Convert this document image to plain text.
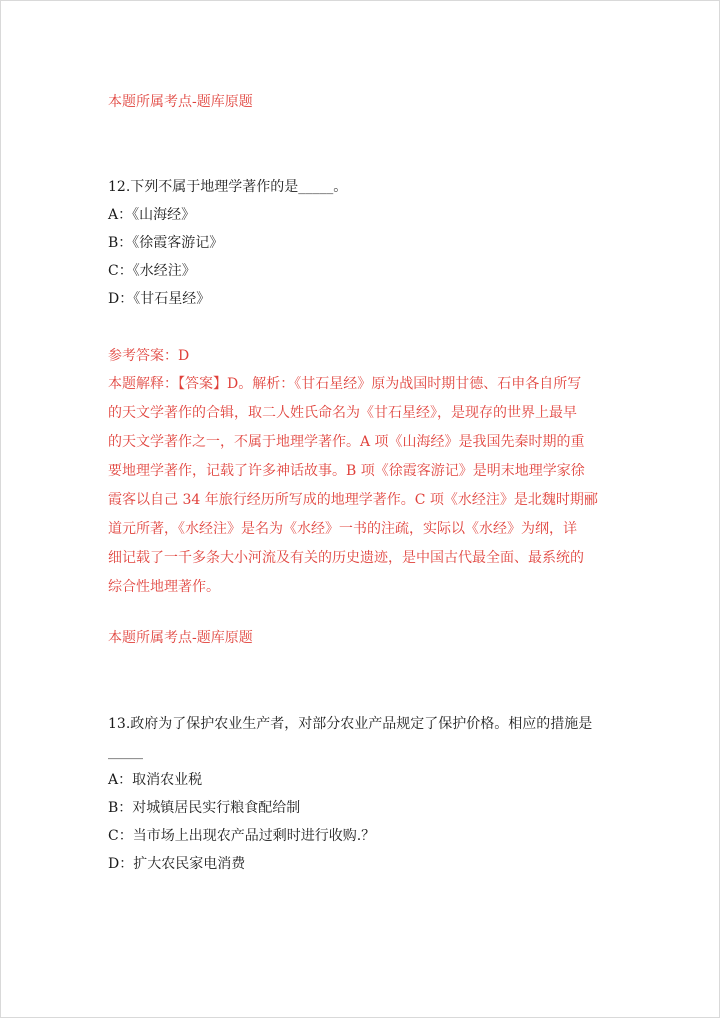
本题所属考点-题库原题
12.下列不属于地理学著作的是_____。
A：《山海经》
B：《徐霞客游记》
C：《水经注》
D：《甘石星经》
参考答案：D
本题解释：【答案】D。解析：《甘石星经》原为战国时期甘德、石申各自所写
的天文学著作的合辑，取二人姓氏命名为《甘石星经》，是现存的世界上最早
的天文学著作之一，不属于地理学著作。A 项《山海经》是我国先秦时期的重
要地理学著作，记载了许多神话故事。B 项《徐霞客游记》是明末地理学家徐
霞客以自己 34 年旅行经历所写成的地理学著作。C 项《水经注》是北魏时期郦
道元所著，《水经注》是名为《水经》一书的注疏，实际以《水经》为纲，详
细记载了一千多条大小河流及有关的历史遗迹，是中国古代最全面、最系统的
综合性地理著作。
本题所属考点-题库原题
13.政府为了保护农业生产者，对部分农业产品规定了保护价格。相应的措施是
_____
A：取消农业税
B：对城镇居民实行粮食配给制
C：当市场上出现农产品过剩时进行收购.？
D：扩大农民家电消费
